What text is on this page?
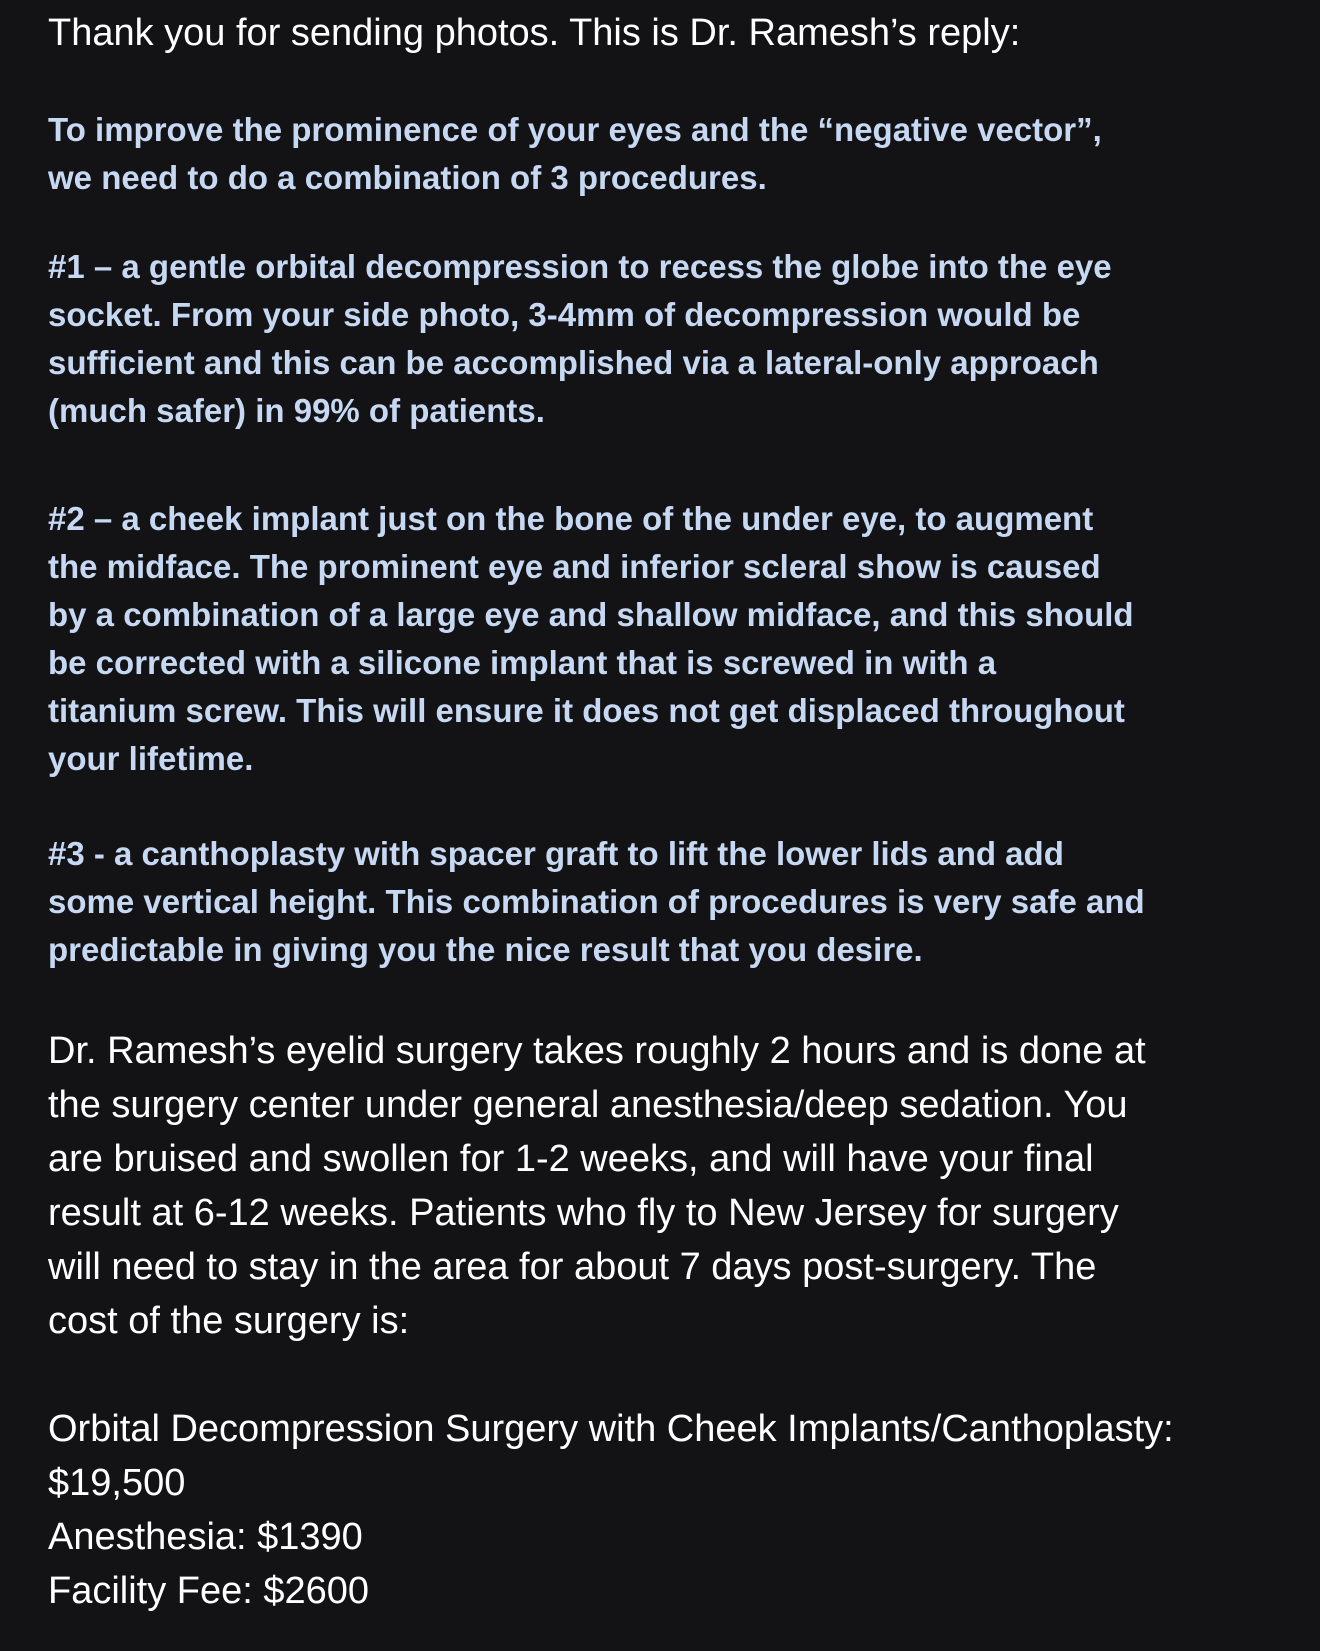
Thank you for sending photos. This is Dr. Ramesh’s reply:

To improve the prominence of your eyes and the “negative vector”,
we need to do a combination of 3 procedures.
#1 – a gentle orbital decompression to recess the globe into the eye
socket. From your side photo, 3-4mm of decompression would be
sufficient and this can be accomplished via a lateral-only approach
(much safer) in 99% of patients.
#2 – a cheek implant just on the bone of the under eye, to augment
the midface. The prominent eye and inferior scleral show is caused
by a combination of a large eye and shallow midface, and this should
be corrected with a silicone implant that is screwed in with a
titanium screw. This will ensure it does not get displaced throughout
your lifetime.
#3 - a canthoplasty with spacer graft to lift the lower lids and add
some vertical height. This combination of procedures is very safe and
predictable in giving you the nice result that you desire.
Dr. Ramesh’s eyelid surgery takes roughly 2 hours and is done at
the surgery center under general anesthesia/deep sedation. You
are bruised and swollen for 1-2 weeks, and will have your final
result at 6-12 weeks. Patients who fly to New Jersey for surgery
will need to stay in the area for about 7 days post-surgery. The
cost of the surgery is:
Orbital Decompression Surgery with Cheek Implants/Canthoplasty:
$19,500
Anesthesia: $1390
Facility Fee: $2600
